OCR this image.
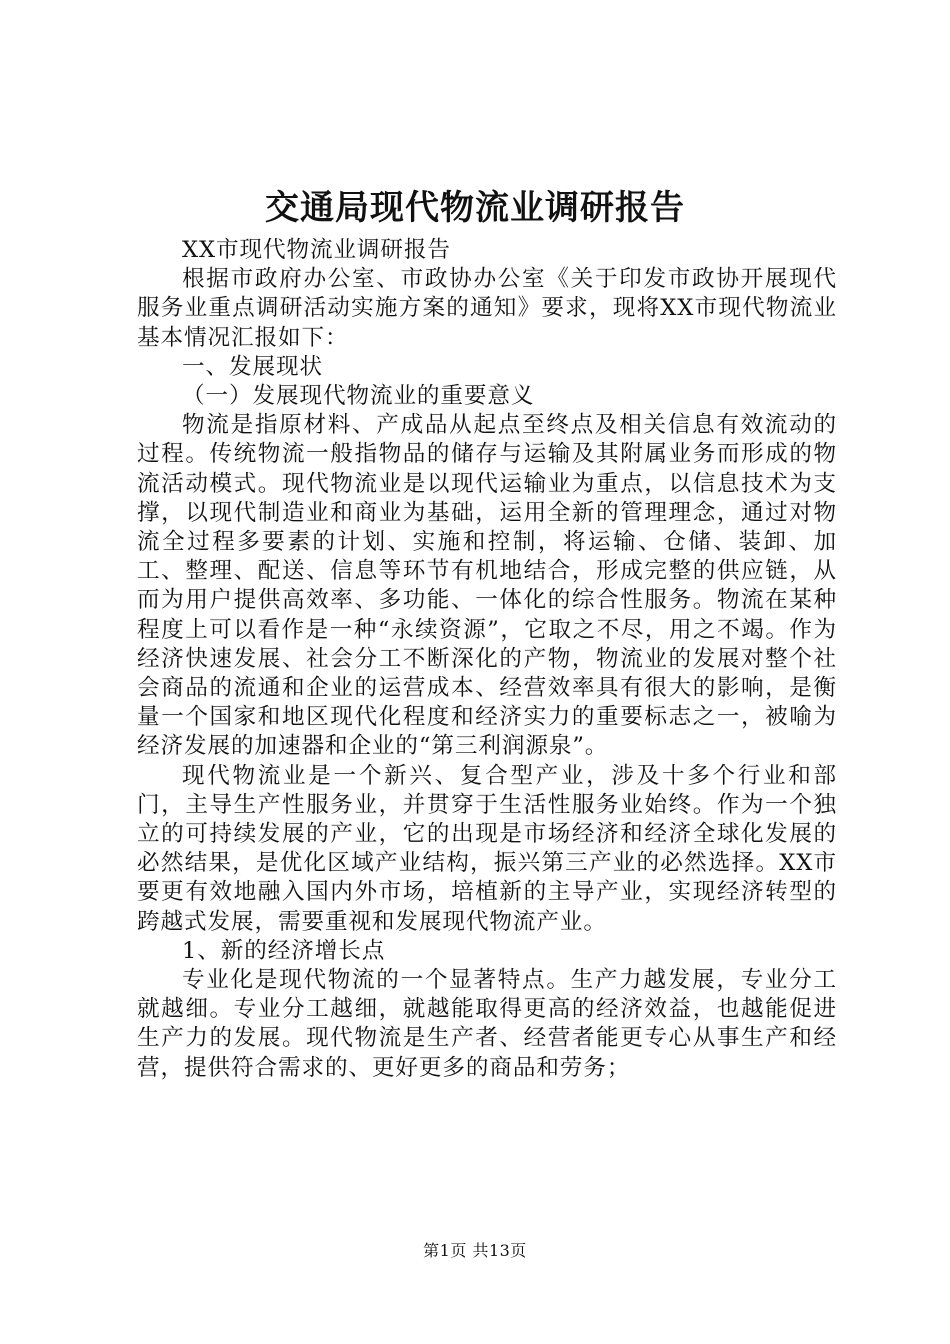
交通局现代物流业调研报告

XX市现代物流业调研报告

根据市政府办公室、市政协办公室《关于印发市政协开展现代服务业重点调研活动实施方案的通知》要求，现将XX市现代物流业基本情况汇报如下：

一、发展现状

（一）发展现代物流业的重要意义

物流是指原材料、产成品从起点至终点及相关信息有效流动的过程。传统物流一般指物品的储存与运输及其附属业务而形成的物流活动模式。现代物流业是以现代运输业为重点，以信息技术为支撑，以现代制造业和商业为基础，运用全新的管理理念，通过对物流全过程多要素的计划、实施和控制，将运输、仓储、装卸、加工、整理、配送、信息等环节有机地结合，形成完整的供应链，从而为用户提供高效率、多功能、一体化的综合性服务。物流在某种程度上可以看作是一种“永续资源”，它取之不尽，用之不竭。作为经济快速发展、社会分工不断深化的产物，物流业的发展对整个社会商品的流通和企业的运营成本、经营效率具有很大的影响，是衡量一个国家和地区现代化程度和经济实力的重要标志之一，被喻为经济发展的加速器和企业的“第三利润源泉”。

现代物流业是一个新兴、复合型产业，涉及十多个行业和部门，主导生产性服务业，并贯穿于生活性服务业始终。作为一个独立的可持续发展的产业，它的出现是市场经济和经济全球化发展的必然结果，是优化区域产业结构，振兴第三产业的必然选择。XX市要更有效地融入国内外市场，培植新的主导产业，实现经济转型的跨越式发展，需要重视和发展现代物流产业。

1、新的经济增长点

专业化是现代物流的一个显著特点。生产力越发展，专业分工就越细。专业分工越细，就越能取得更高的经济效益，也越能促进生产力的发展。现代物流是生产者、经营者能更专心从事生产和经营，提供符合需求的、更好更多的商品和劳务；

第1页 共13页
